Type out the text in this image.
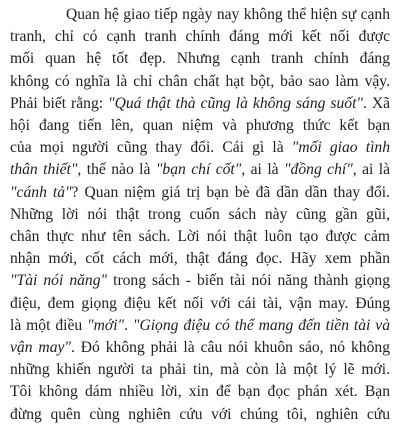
Quan hệ giao tiếp ngày nay không thể hiện sự cạnh
tranh, chỉ có cạnh tranh chính đáng mới kết nối được
mối quan hệ tốt đẹp. Nhưng cạnh tranh chính đáng
không có nghĩa là chỉ chân chất hạt bột, bảo sao làm vậy.
Phải biết rằng: "Quá thật thà cũng là không sáng suốt". Xã
hội đang tiến lên, quan niệm và phương thức kết bạn
của mọi người cũng thay đổi. Cái gì là "mối giao tình
thân thiết", thế nào là "bạn chí cốt", ai là "đồng chí", ai là
"cánh tả"? Quan niệm giá trị bạn bè đã dần dần thay đổi.
Những lời nói thật trong cuốn sách này cũng gần gũi,
chân thực như tên sách. Lời nói thật luôn tạo được cảm
nhận mới, cốt cách mới, thật đáng đọc. Hãy xem phần
"Tài nói năng" trong sách - biến tài nói năng thành giọng
điệu, đem giọng điệu kết nối với cái tài, vận may. Đúng
là một điều "mới". "Giọng điệu có thể mang đến tiền tài và
vận may". Đó không phải là câu nói khuôn sáo, nó không
những khiến người ta phải tin, mà còn là một lý lẽ mới.
Tôi không dám nhiều lời, xin để bạn đọc phán xét. Bạn
đừng quên cùng nghiên cứu với chúng tôi, nghiên cứu
